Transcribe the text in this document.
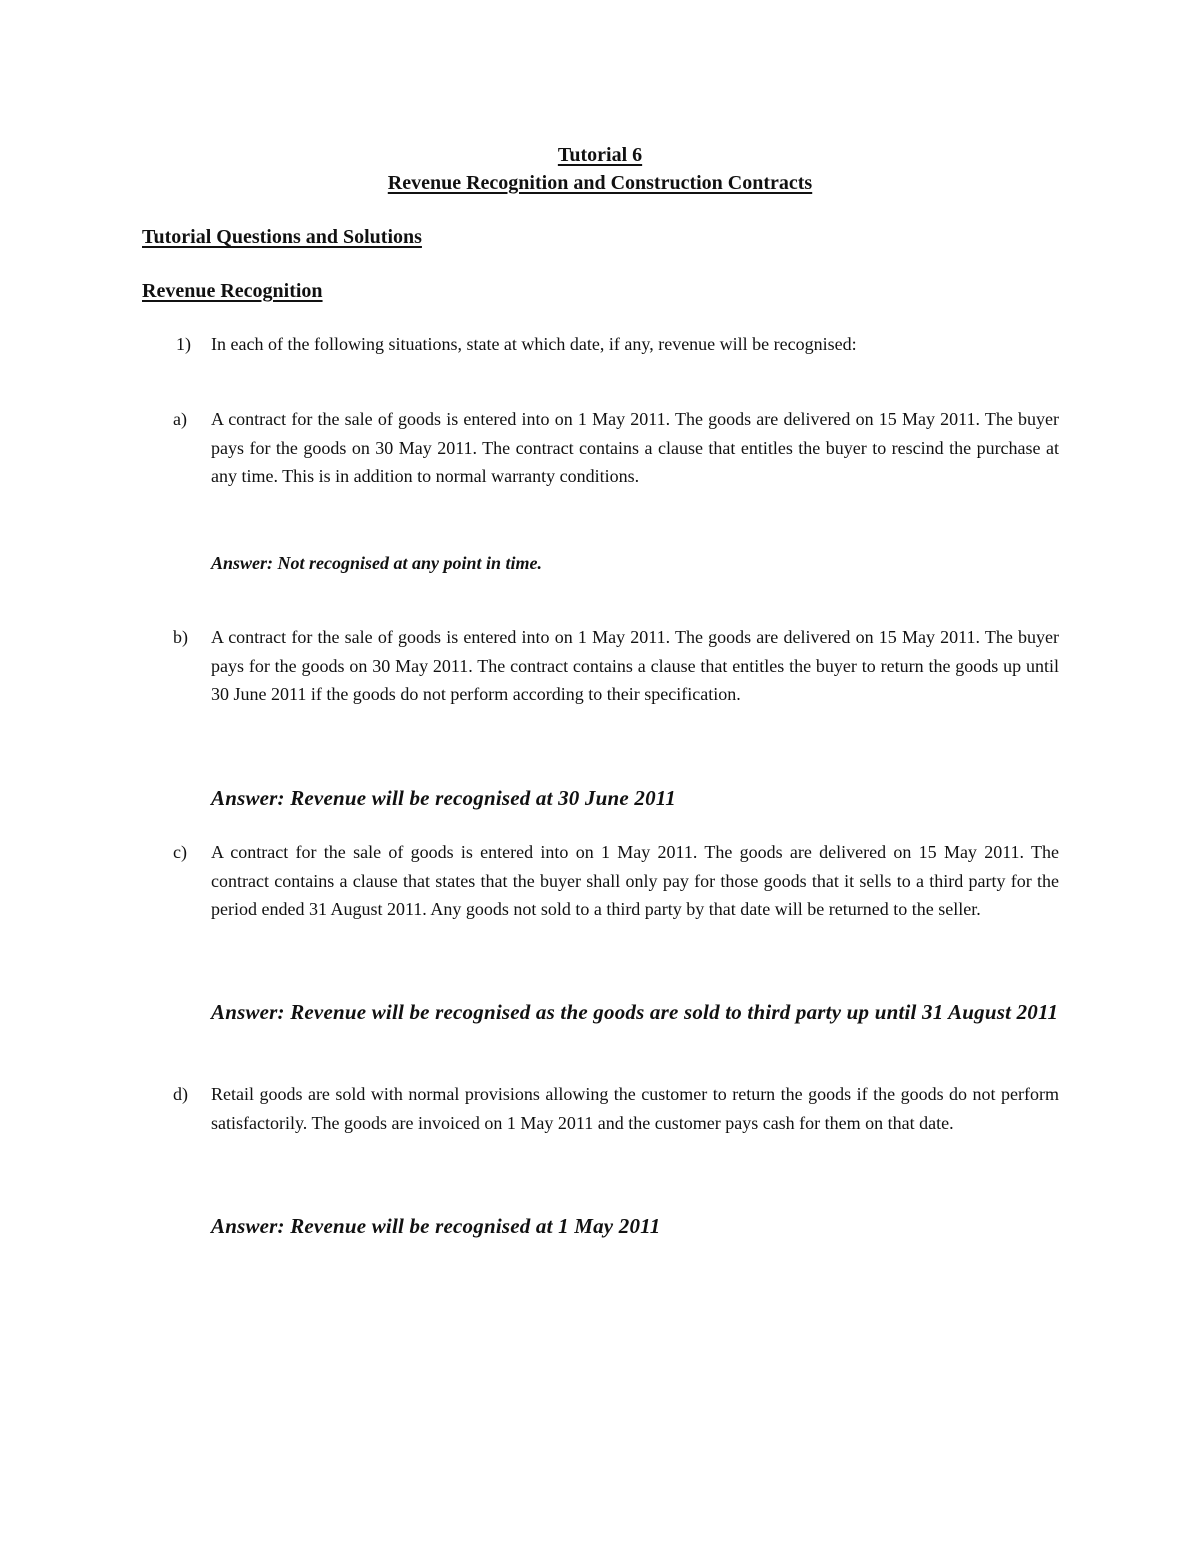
Tutorial 6
Revenue Recognition and Construction Contracts
Tutorial Questions and Solutions
Revenue Recognition
1) In each of the following situations, state at which date, if any, revenue will be recognised:

a) A contract for the sale of goods is entered into on 1 May 2011. The goods are delivered on 15 May 2011. The buyer pays for the goods on 30 May 2011. The contract contains a clause that entitles the buyer to rescind the purchase at any time. This is in addition to normal warranty conditions.

Answer: Not recognised at any point in time.

b) A contract for the sale of goods is entered into on 1 May 2011. The goods are delivered on 15 May 2011. The buyer pays for the goods on 30 May 2011. The contract contains a clause that entitles the buyer to return the goods up until 30 June 2011 if the goods do not perform according to their specification.

Answer: Revenue will be recognised at 30 June 2011

c) A contract for the sale of goods is entered into on 1 May 2011. The goods are delivered on 15 May 2011. The contract contains a clause that states that the buyer shall only pay for those goods that it sells to a third party for the period ended 31 August 2011. Any goods not sold to a third party by that date will be returned to the seller.

Answer: Revenue will be recognised as the goods are sold to third party up until 31 August 2011

d) Retail goods are sold with normal provisions allowing the customer to return the goods if the goods do not perform satisfactorily. The goods are invoiced on 1 May 2011 and the customer pays cash for them on that date.

Answer: Revenue will be recognised at 1 May 2011
